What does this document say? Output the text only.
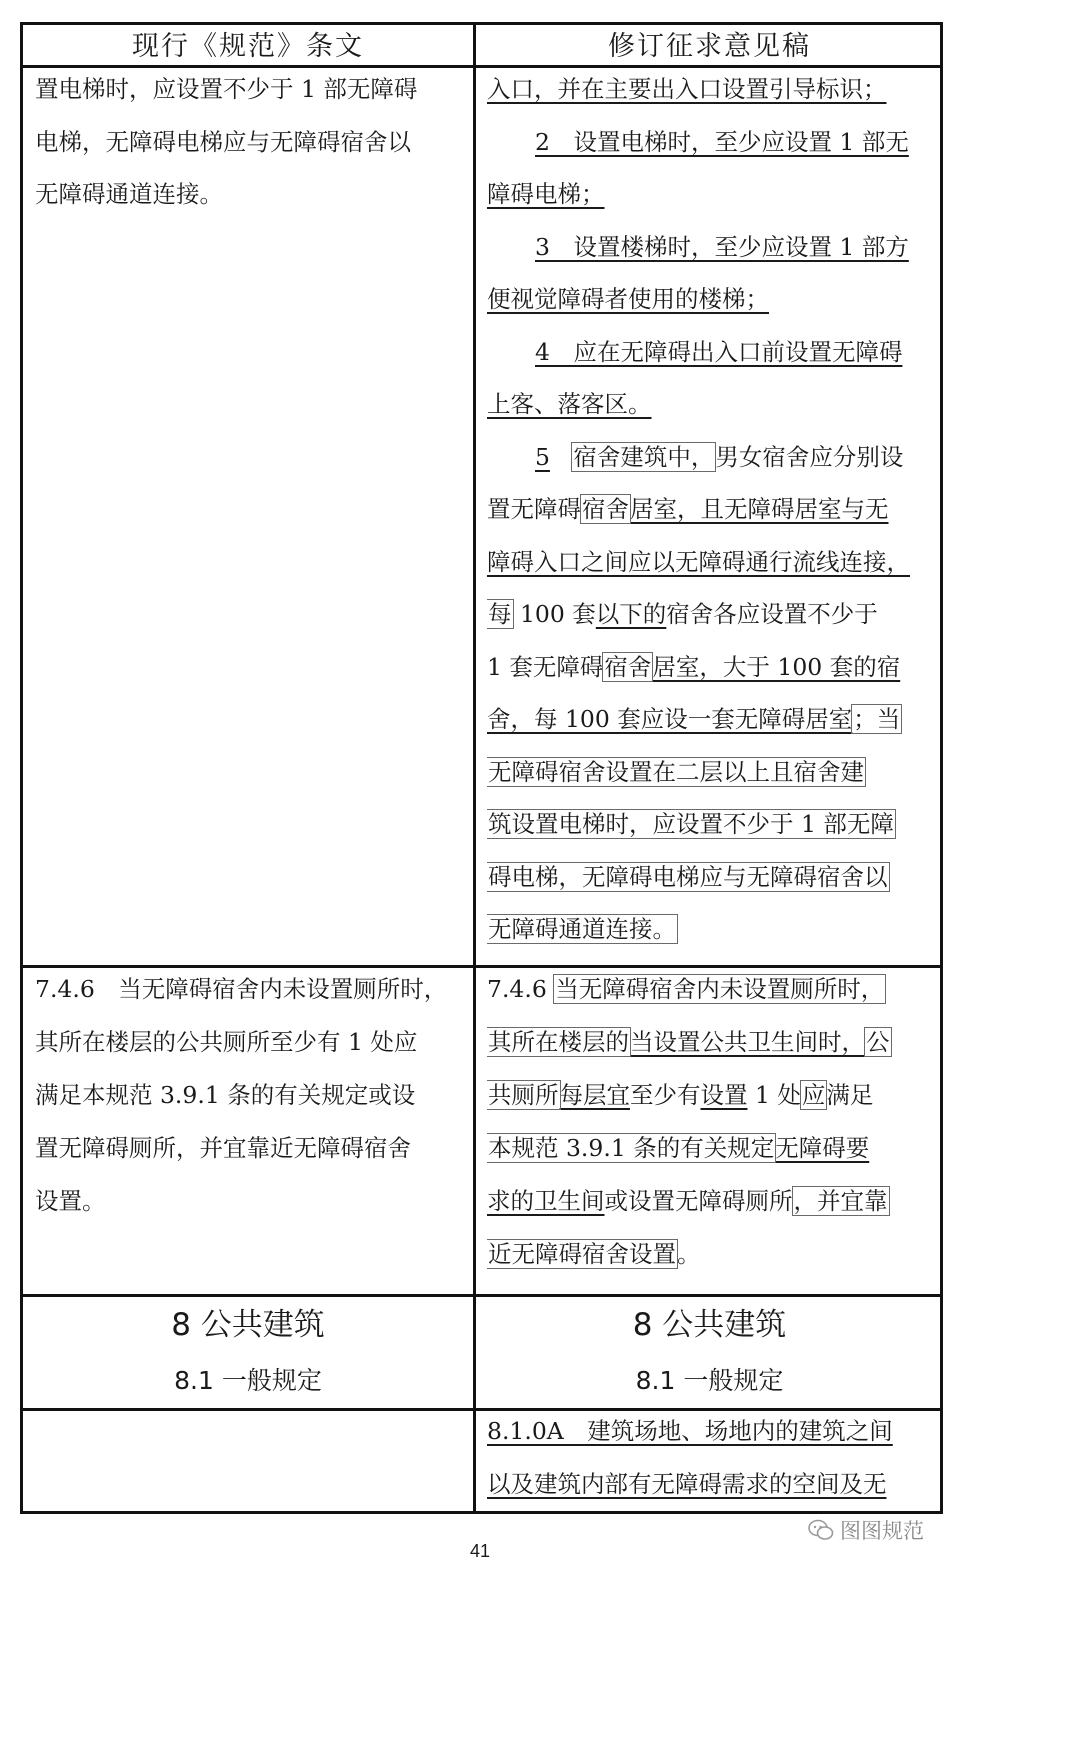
现行《规范》条文	修订征求意见稿
置电梯时，应设置不少于 1 部无障碍
电梯，无障碍电梯应与无障碍宿舍以
无障碍通道连接。
入口，并在主要出入口设置引导标识；
2　设置电梯时，至少应设置 1 部无
障碍电梯；
3　设置楼梯时，至少应设置 1 部方
便视觉障碍者使用的楼梯；
4　应在无障碍出入口前设置无障碍
上客、落客区。
5 宿舍建筑中，男女宿舍应分别设
置无障碍宿舍居室，且无障碍居室与无
障碍入口之间应以无障碍通行流线连接，
每 100 套以下的宿舍各应设置不少于
1 套无障碍宿舍居室，大于 100 套的宿
舍，每 100 套应设一套无障碍居室；当
无障碍宿舍设置在二层以上且宿舍建
筑设置电梯时，应设置不少于 1 部无障
碍电梯，无障碍电梯应与无障碍宿舍以
无障碍通道连接。
7.4.6　当无障碍宿舍内未设置厕所时，
其所在楼层的公共厕所至少有 1 处应
满足本规范 3.9.1 条的有关规定或设
置无障碍厕所，并宜靠近无障碍宿舍
设置。
7.4.6 当无障碍宿舍内未设置厕所时，
其所在楼层的当设置公共卫生间时，公
共厕所每层宜至少有设置 1 处应满足
本规范 3.9.1 条的有关规定无障碍要
求的卫生间或设置无障碍厕所，并宜靠
近无障碍宿舍设置。
8 公共建筑
8.1 一般规定
8 公共建筑
8.1 一般规定
8.1.0A　建筑场地、场地内的建筑之间
以及建筑内部有无障碍需求的空间及无
图图规范
41
